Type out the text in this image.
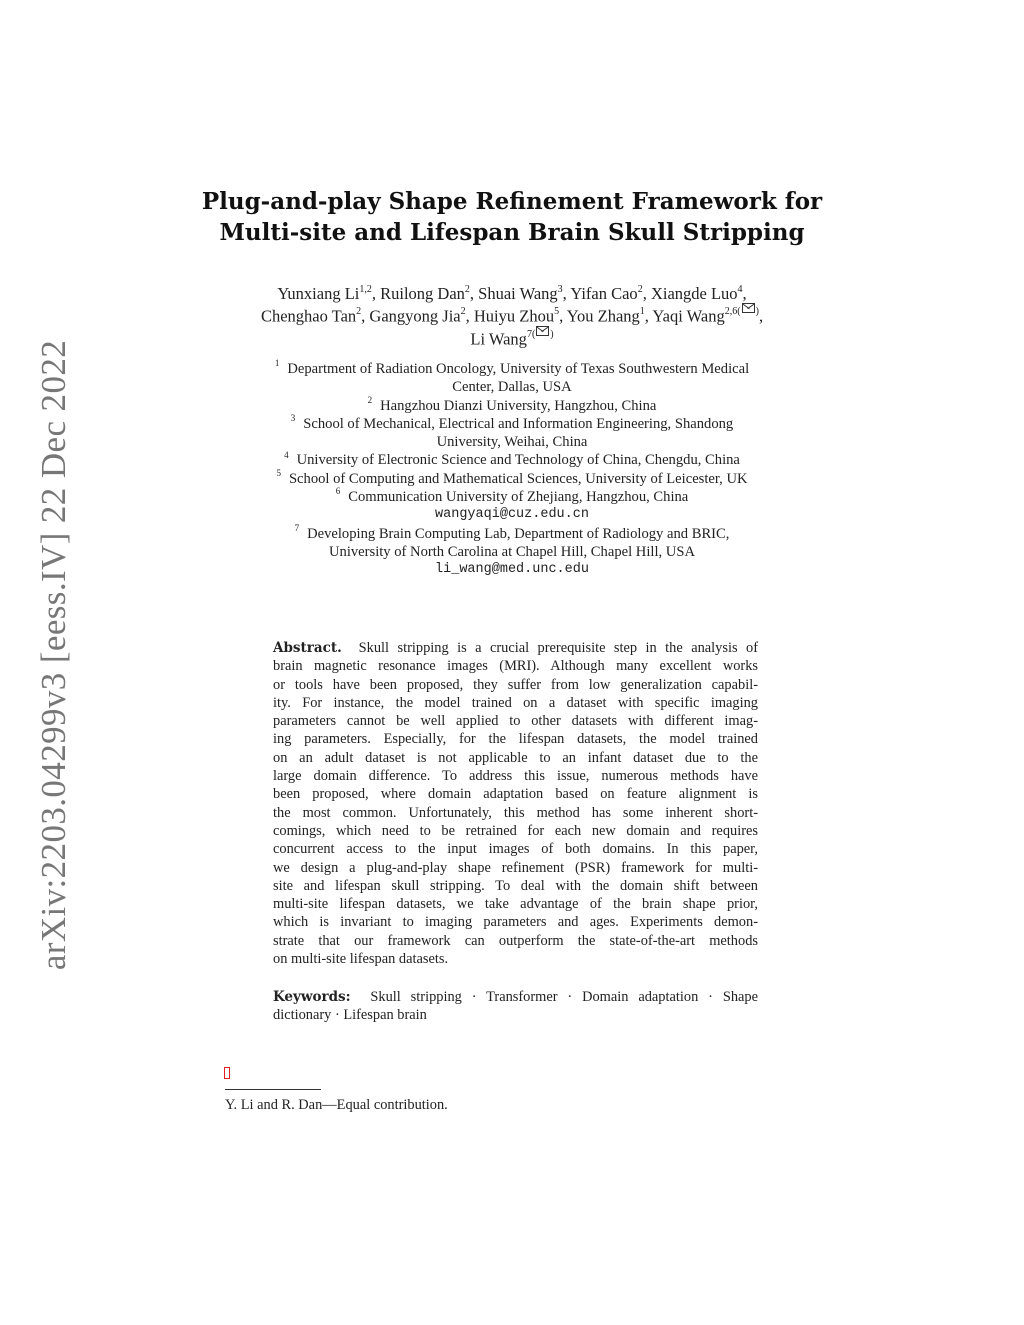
arXiv:2203.04299v3 [eess.IV] 22 Dec 2022
Plug-and-play Shape Refinement Framework for
Multi-site and Lifespan Brain Skull Stripping
Yunxiang Li$^{1,2}$, Ruilong Dan$^2$, Shuai Wang$^3$, Yifan Cao$^2$, Xiangde Luo$^4$,
Chenghao Tan$^2$, Gangyong Jia$^2$, Huiyu Zhou$^5$, You Zhang$^1$, Yaqi Wang$^{2,6( )}$,
Li Wang$^{7( )}$
$^1$ Department of Radiation Oncology, University of Texas Southwestern Medical
Center, Dallas, USA
$^2$ Hangzhou Dianzi University, Hangzhou, China
$^3$ School of Mechanical, Electrical and Information Engineering, Shandong
University, Weihai, China
$^4$ University of Electronic Science and Technology of China, Chengdu, China
$^5$ School of Computing and Mathematical Sciences, University of Leicester, UK
$^6$ Communication University of Zhejiang, Hangzhou, China
wangyaqi@cuz.edu.cn
$^7$ Developing Brain Computing Lab, Department of Radiology and BRIC,
University of North Carolina at Chapel Hill, Chapel Hill, USA
li_wang@med.unc.edu
Abstract. Skull stripping is a crucial prerequisite step in the analysis of
brain magnetic resonance images (MRI). Although many excellent works
or tools have been proposed, they suffer from low generalization capabil-
ity. For instance, the model trained on a dataset with specific imaging
parameters cannot be well applied to other datasets with different imag-
ing parameters. Especially, for the lifespan datasets, the model trained
on an adult dataset is not applicable to an infant dataset due to the
large domain difference. To address this issue, numerous methods have
been proposed, where domain adaptation based on feature alignment is
the most common. Unfortunately, this method has some inherent short-
comings, which need to be retrained for each new domain and requires
concurrent access to the input images of both domains. In this paper,
we design a plug-and-play shape refinement (PSR) framework for multi-
site and lifespan skull stripping. To deal with the domain shift between
multi-site lifespan datasets, we take advantage of the brain shape prior,
which is invariant to imaging parameters and ages. Experiments demon-
strate that our framework can outperform the state-of-the-art methods
on multi-site lifespan datasets.
Keywords: Skull stripping · Transformer · Domain adaptation · Shape
dictionary · Lifespan brain
Y. Li and R. Dan—Equal contribution.
